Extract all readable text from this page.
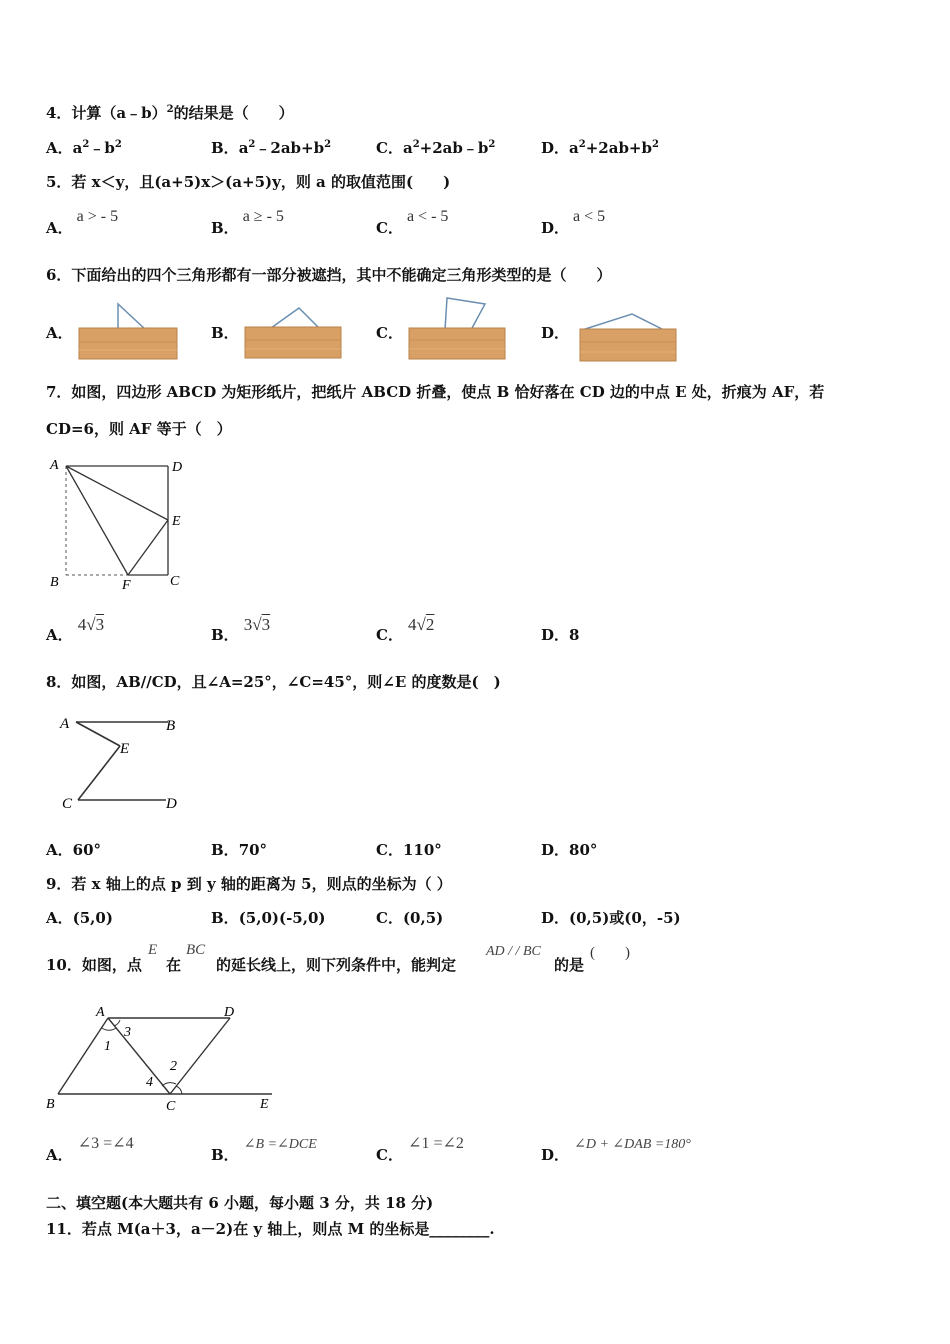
4．计算（a﹣b）$^2$的结果是（　　）
A．$a^2﹣b^2$	B．$a^2﹣2ab+b^2$	C．$a^2+2ab﹣b^2$	D．$a^2+2ab+b^2$
5．若 x＜y，且(a+5)x＞(a+5)y，则 a 的取值范围(　　)
A．a > - 5
B．a ≥ - 5
C．a < - 5
D．a < 5
6．下面给出的四个三角形都有一部分被遮挡，其中不能确定三角形类型的是（　　）
A．	B．	C．	D．
7．如图，四边形 ABCD 为矩形纸片，把纸片 ABCD 折叠，使点 B 恰好落在 CD 边的中点 E 处，折痕为 AF，若
CD=6，则 AF 等于（　）
A	D
E
B	F	C
A． 4√3
B． 3√3
C． 4√2
D．8
8．如图，AB//CD，且∠A=25°，∠C=45°，则∠E 的度数是(　)
A	B
E
C	D
A．60°	B．70°	C．110°	D．80°
9．若 x 轴上的点 p 到 y 轴的距离为 5，则点的坐标为（ ）
A．(5,0)	B．(5,0)(-5,0)	C．(0,5)	D．(0,5)或(0，-5)
10．如图，点
E
在
BC
的延长线上，则下列条件中，能判定
AD / / BC
的是
(　　)
A	D
B	C	E
1
3
2
4
A． ∠3 =∠4
B． ∠B =∠DCE
C． ∠1 =∠2
D． ∠D + ∠DAB =180°
二、填空题(本大题共有 6 小题，每小题 3 分，共 18 分)
11．若点 M(a＋3，a－2)在 y 轴上，则点 M 的坐标是________.
